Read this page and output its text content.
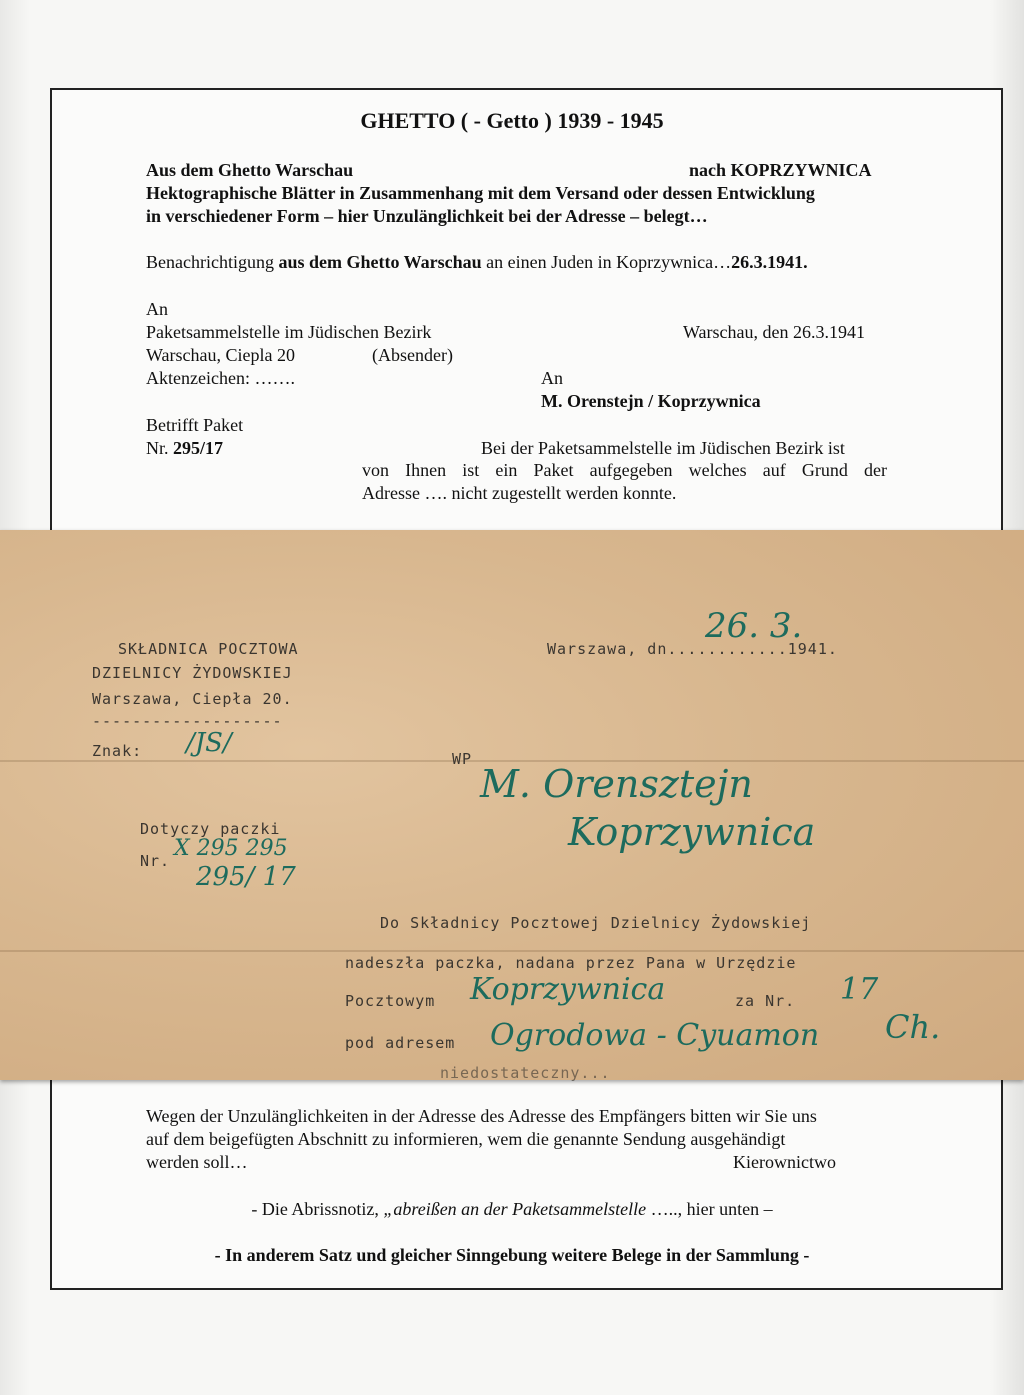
GHETTO ( - Getto ) 1939 - 1945
Aus dem Ghetto Warschau	nach KOPRZYWNICA
Hektographische Blätter in Zusammenhang mit dem Versand oder dessen Entwicklung
in verschiedener Form – hier Unzulänglichkeit bei der Adresse – belegt…
Benachrichtigung aus dem Ghetto Warschau an einen Juden in Koprzywnica…26.3.1941.
An
Paketsammelstelle im Jüdischen Bezirk	Warschau, den 26.3.1941
Warschau, Ciepla 20	(Absender)
Aktenzeichen: …….	An
M. Orenstejn / Koprzywnica
Betrifft Paket
Nr. 295/17	Bei der Paketsammelstelle im Jüdischen Bezirk ist
von Ihnen ist ein Paket aufgegeben welches auf Grund der
Adresse …. nicht zugestellt werden konnte.
SKŁADNICA POCZTOWA
DZIELNICY ŻYDOWSKIEJ
Warszawa, Ciepła 20.
-------------------
Warszawa, dn............1941.
26. 3.
Znak: /JS/
WP
M. Orensztejn
Koprzywnica
Dotyczy paczki
Nr. X 295 295
295/ 17
Do Składnicy Pocztowej Dzielnicy Żydowskiej
nadeszła paczka, nadana przez Pana w Urzędzie
Pocztowym Koprzywnica	za Nr. 17
pod adresem Ogrodowa - Cyuamon Ch.
niedostateczny...
Wegen der Unzulänglichkeiten in der Adresse des Adresse des Empfängers bitten wir Sie uns
auf dem beigefügten Abschnitt zu informieren, wem die genannte Sendung ausgehändigt
werden soll…	Kierownictwo
- Die Abrissnotiz, „abreißen an der Paketsammelstelle ….., hier unten –
- In anderem Satz und gleicher Sinngebung weitere Belege in der Sammlung -
